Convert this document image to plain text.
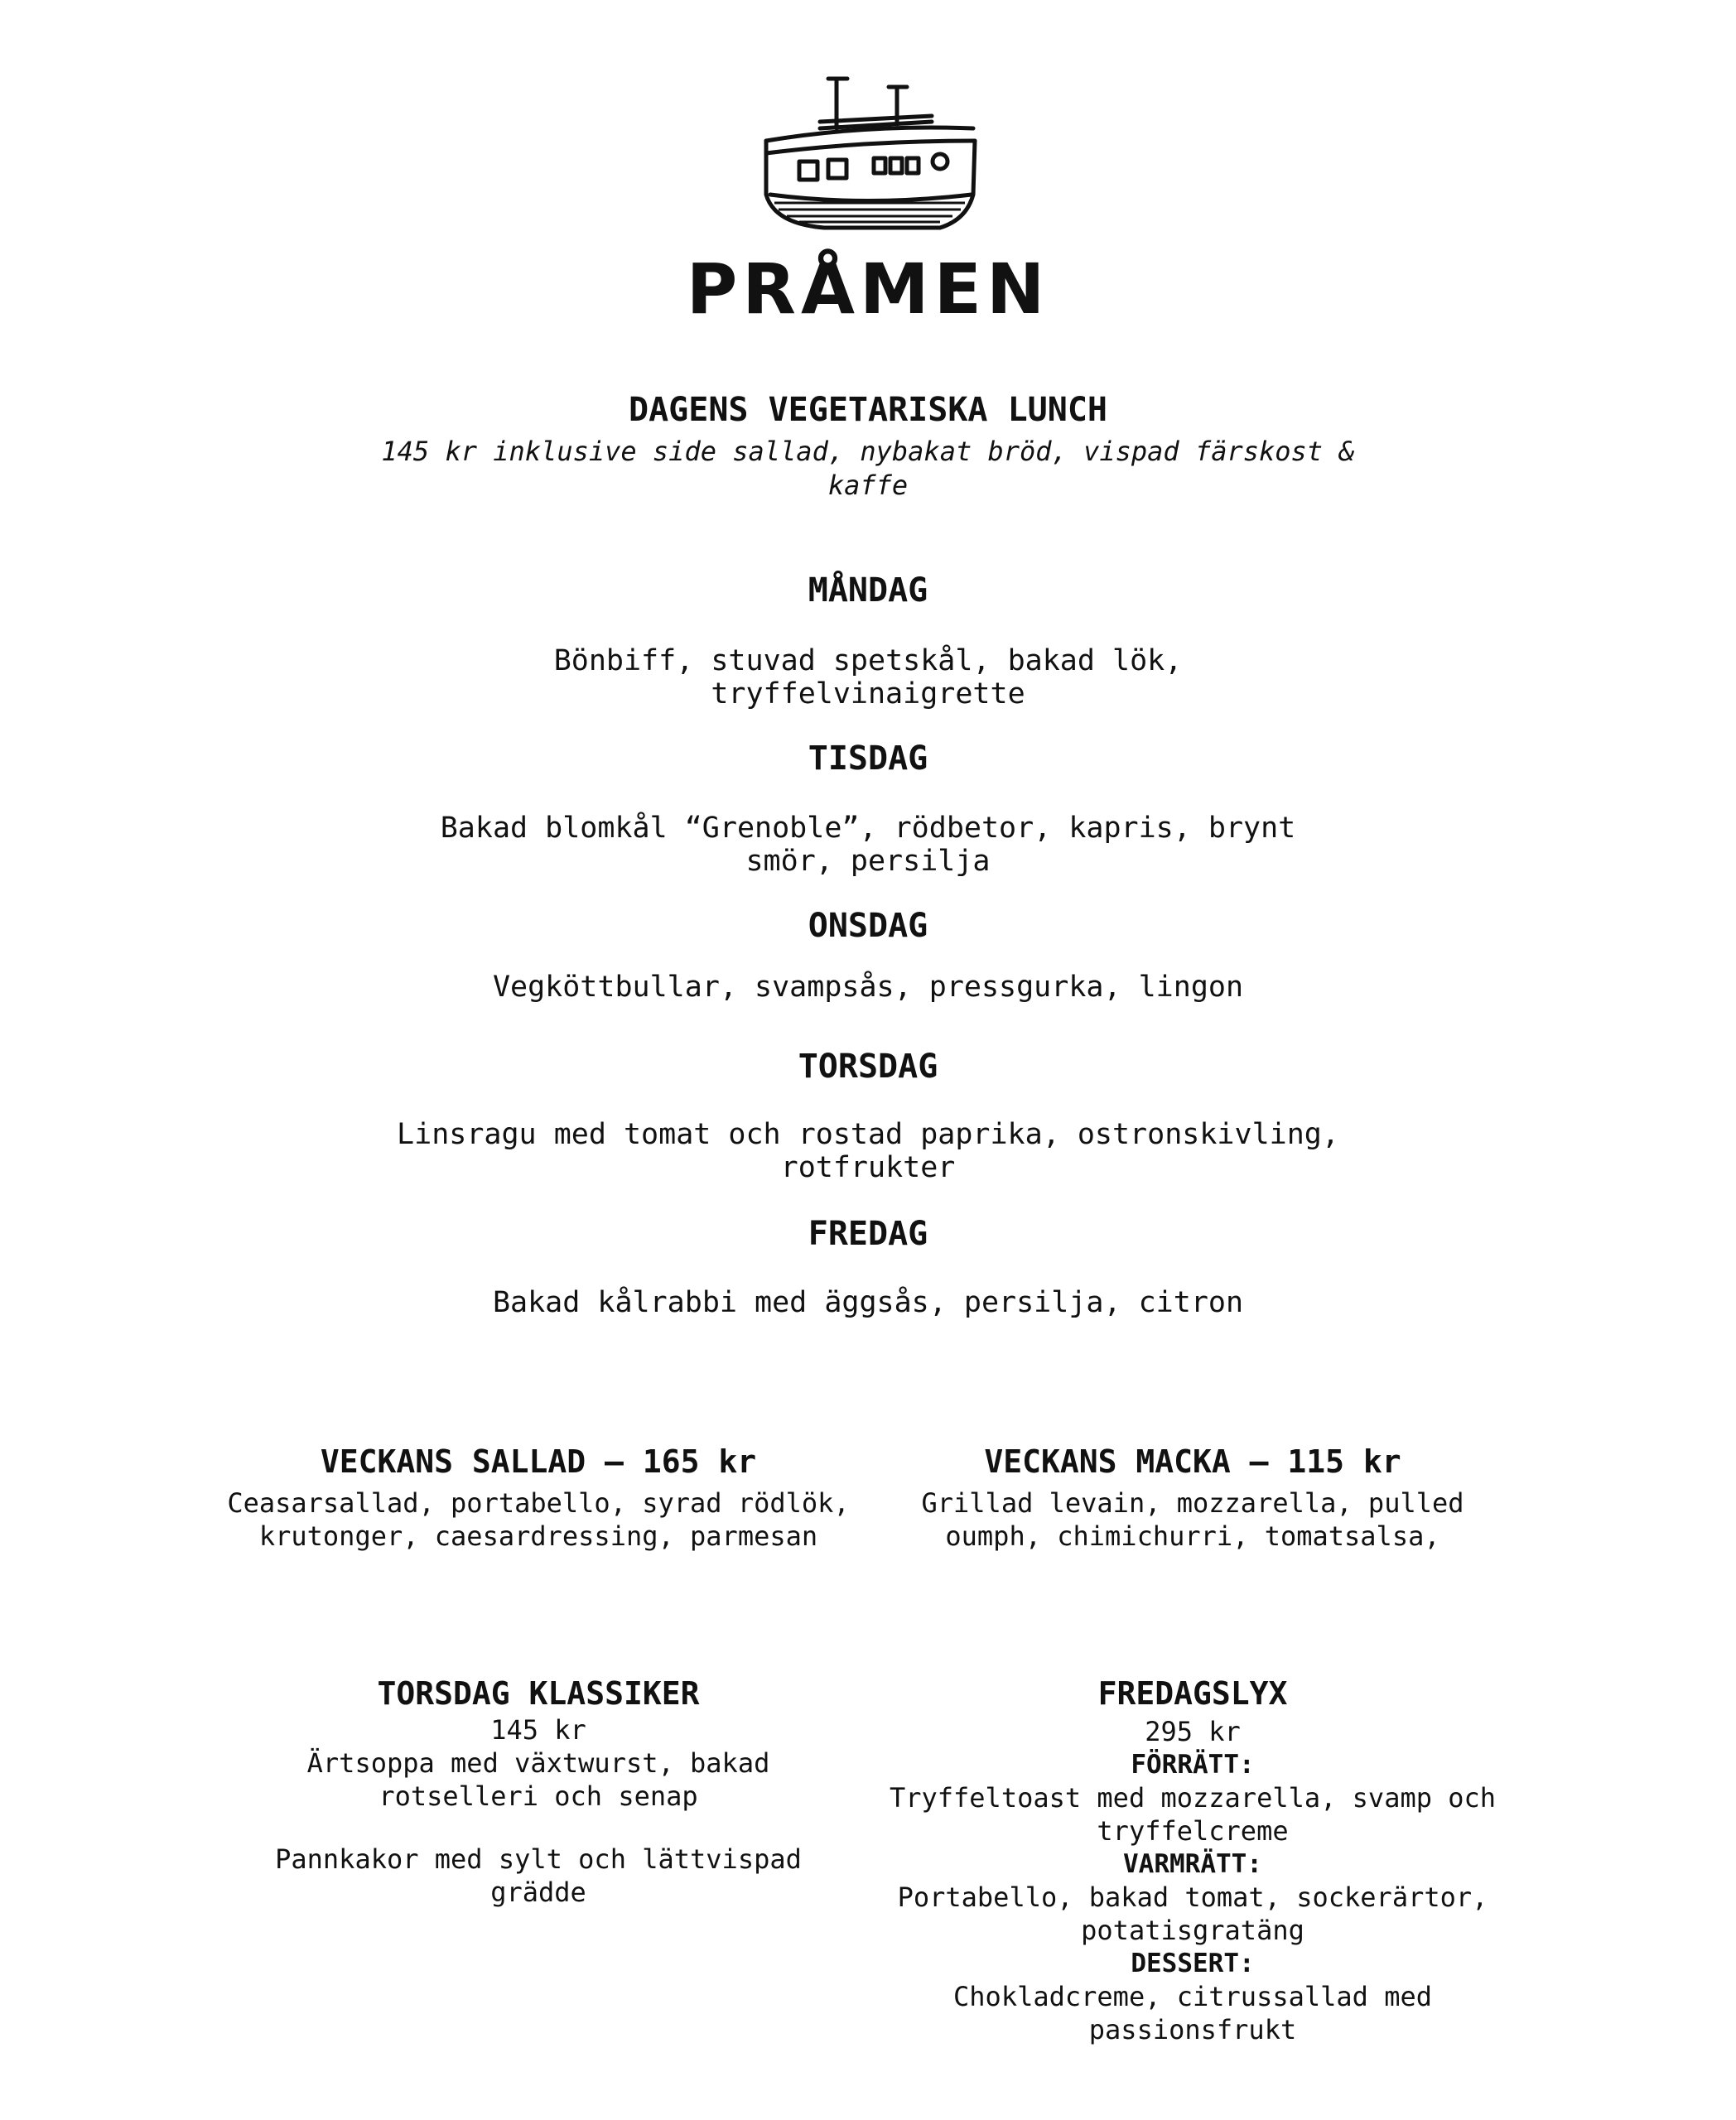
PRÅMEN
DAGENS VEGETARISKA LUNCH
145 kr inklusive side sallad, nybakat bröd, vispad färskost & kaffe
MÅNDAG
Bönbiff, stuvad spetskål, bakad lök, tryffelvinaigrette
TISDAG
Bakad blomkål “Grenoble”, rödbetor, kapris, brynt smör, persilja
ONSDAG
Vegköttbullar, svampsås, pressgurka, lingon
TORSDAG
Linsragu med tomat och rostad paprika, ostronskivling, rotfrukter
FREDAG
Bakad kålrabbi med äggsås, persilja, citron
VECKANS SALLAD – 165 kr
Ceasarsallad, portabello, syrad rödlök, krutonger, caesardressing, parmesan
VECKANS MACKA – 115 kr
Grillad levain, mozzarella, pulled oumph, chimichurri, tomatsalsa,
TORSDAG KLASSIKER
145 kr
Ärtsoppa med växtwurst, bakad rotselleri och senap
Pannkakor med sylt och lättvispad grädde
FREDAGSLYX
295 kr
FÖRRÄTT:
Tryffeltoast med mozzarella, svamp och tryffelcreme
VARMRÄTT:
Portabello, bakad tomat, sockerärtor, potatisgratäng
DESSERT:
Chokladcreme, citrussallad med passionsfrukt
